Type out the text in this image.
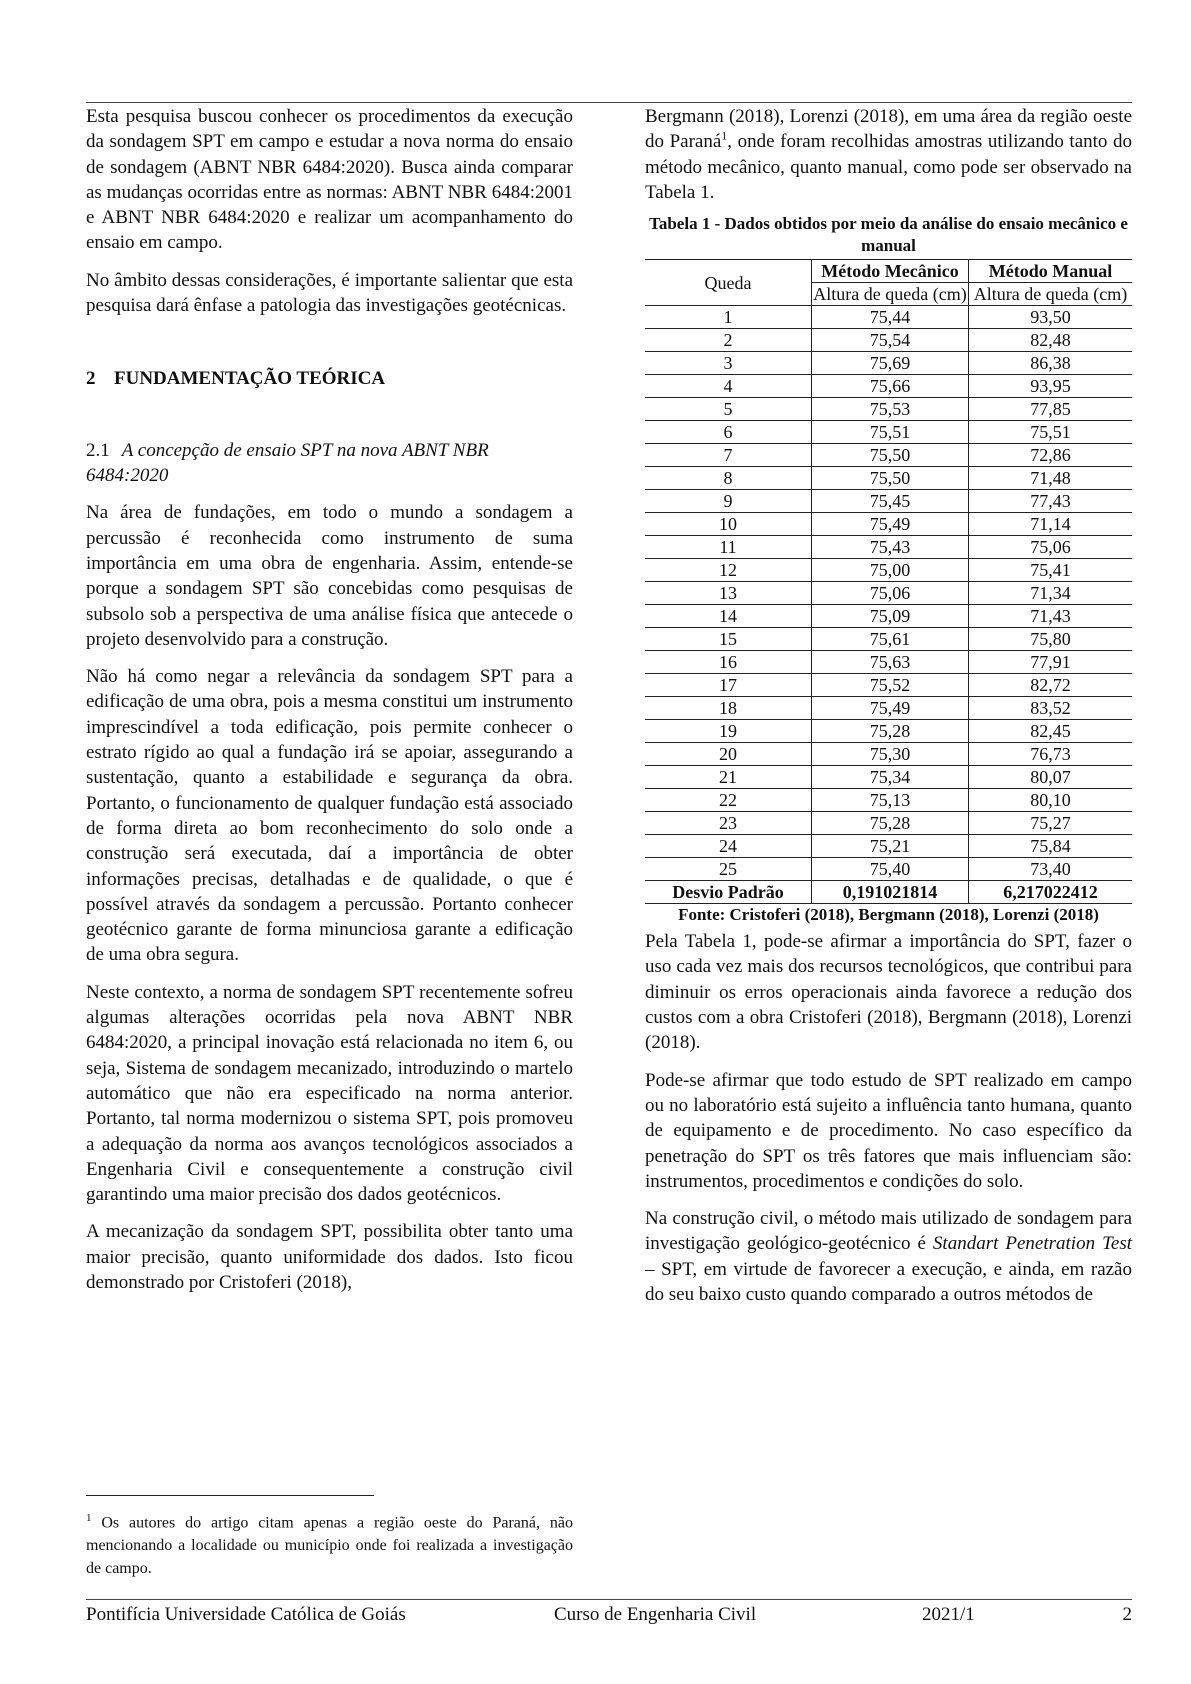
Esta pesquisa buscou conhecer os procedimentos da execução da sondagem SPT em campo e estudar a nova norma do ensaio de sondagem (ABNT NBR 6484:2020). Busca ainda comparar as mudanças ocorridas entre as normas: ABNT NBR 6484:2001 e ABNT NBR 6484:2020 e realizar um acompanhamento do ensaio em campo.

No âmbito dessas considerações, é importante salientar que esta pesquisa dará ênfase a patologia das investigações geotécnicas.

2 FUNDAMENTAÇÃO TEÓRICA
2.1 A concepção de ensaio SPT na nova ABNT NBR 6484:2020

Na área de fundações, em todo o mundo a sondagem a percussão é reconhecida como instrumento de suma importância em uma obra de engenharia. Assim, entende-se porque a sondagem SPT são concebidas como pesquisas de subsolo sob a perspectiva de uma análise física que antecede o projeto desenvolvido para a construção.

Não há como negar a relevância da sondagem SPT para a edificação de uma obra, pois a mesma constitui um instrumento imprescindível a toda edificação, pois permite conhecer o estrato rígido ao qual a fundação irá se apoiar, assegurando a sustentação, quanto a estabilidade e segurança da obra. Portanto, o funcionamento de qualquer fundação está associado de forma direta ao bom reconhecimento do solo onde a construção será executada, daí a importância de obter informações precisas, detalhadas e de qualidade, o que é possível através da sondagem a percussão. Portanto conhecer geotécnico garante de forma minunciosa garante a edificação de uma obra segura.

Neste contexto, a norma de sondagem SPT recentemente sofreu algumas alterações ocorridas pela nova ABNT NBR 6484:2020, a principal inovação está relacionada no item 6, ou seja, Sistema de sondagem mecanizado, introduzindo o martelo automático que não era especificado na norma anterior. Portanto, tal norma modernizou o sistema SPT, pois promoveu a adequação da norma aos avanços tecnológicos associados a Engenharia Civil e consequentemente a construção civil garantindo uma maior precisão dos dados geotécnicos.

A mecanização da sondagem SPT, possibilita obter tanto uma maior precisão, quanto uniformidade dos dados. Isto ficou demonstrado por Cristoferi (2018),

Bergmann (2018), Lorenzi (2018), em uma área da região oeste do Paraná$^1$, onde foram recolhidas amostras utilizando tanto do método mecânico, quanto manual, como pode ser observado na Tabela 1.

Tabela 1 - Dados obtidos por meio da análise do ensaio mecânico e manual
Queda	Método Mecânico	Método Manual
	Altura de queda (cm)	Altura de queda (cm)
1	75,44	93,50
2	75,54	82,48
3	75,69	86,38
4	75,66	93,95
5	75,53	77,85
6	75,51	75,51
7	75,50	72,86
8	75,50	71,48
9	75,45	77,43
10	75,49	71,14
11	75,43	75,06
12	75,00	75,41
13	75,06	71,34
14	75,09	71,43
15	75,61	75,80
16	75,63	77,91
17	75,52	82,72
18	75,49	83,52
19	75,28	82,45
20	75,30	76,73
21	75,34	80,07
22	75,13	80,10
23	75,28	75,27
24	75,21	75,84
25	75,40	73,40
Desvio Padrão	0,191021814	6,217022412
Fonte: Cristoferi (2018), Bergmann (2018), Lorenzi (2018)

Pela Tabela 1, pode-se afirmar a importância do SPT, fazer o uso cada vez mais dos recursos tecnológicos, que contribui para diminuir os erros operacionais ainda favorece a redução dos custos com a obra Cristoferi (2018), Bergmann (2018), Lorenzi (2018).

Pode-se afirmar que todo estudo de SPT realizado em campo ou no laboratório está sujeito a influência tanto humana, quanto de equipamento e de procedimento. No caso específico da penetração do SPT os três fatores que mais influenciam são: instrumentos, procedimentos e condições do solo.

Na construção civil, o método mais utilizado de sondagem para investigação geológico-geotécnico é Standart Penetration Test – SPT, em virtude de favorecer a execução, e ainda, em razão do seu baixo custo quando comparado a outros métodos de

$^1$ Os autores do artigo citam apenas a região oeste do Paraná, não mencionando a localidade ou município onde foi realizada a investigação de campo.
Pontifícia Universidade Católica de Goiás	Curso de Engenharia Civil	2021/1	2
